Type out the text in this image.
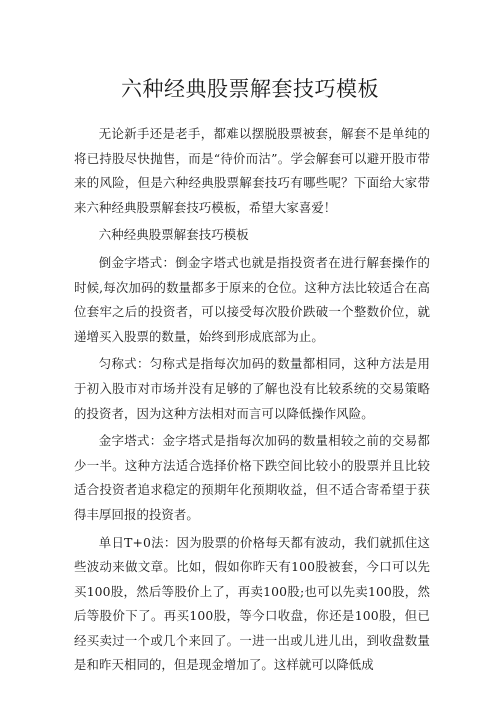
六种经典股票解套技巧模板

无论新手还是老手，都难以摆脱股票被套，解套不是单纯的将已持股尽快抛售，而是“待价而沽”。学会解套可以避开股市带来的风险，但是六种经典股票解套技巧有哪些呢？下面给大家带来六种经典股票解套技巧模板，希望大家喜爱！

六种经典股票解套技巧模板

倒金字塔式：倒金字塔式也就是指投资者在进行解套操作的时候,每次加码的数量都多于原来的仓位。这种方法比较适合在高位套牢之后的投资者，可以接受每次股价跌破一个整数价位，就递增买入股票的数量，始终到形成底部为止。

匀称式：匀称式是指每次加码的数量都相同，这种方法是用于初入股市对市场并没有足够的了解也没有比较系统的交易策略的投资者，因为这种方法相对而言可以降低操作风险。

金字塔式：金字塔式是指每次加码的数量相较之前的交易都少一半。这种方法适合选择价格下跌空间比较小的股票并且比较适合投资者追求稳定的预期年化预期收益，但不适合寄希望于获得丰厚回报的投资者。

单日T+0法：因为股票的价格每天都有波动，我们就抓住这些波动来做文章。比如，假如你昨天有100股被套，今口可以先买100股，然后等股价上了，再卖100股;也可以先卖100股，然后等股价下了。再买100股，等今口收盘，你还是100股，但已经买卖过一个或几个来回了。一进一出或儿进儿出，到收盘数量是和昨天相同的，但是现金增加了。这样就可以降低成
